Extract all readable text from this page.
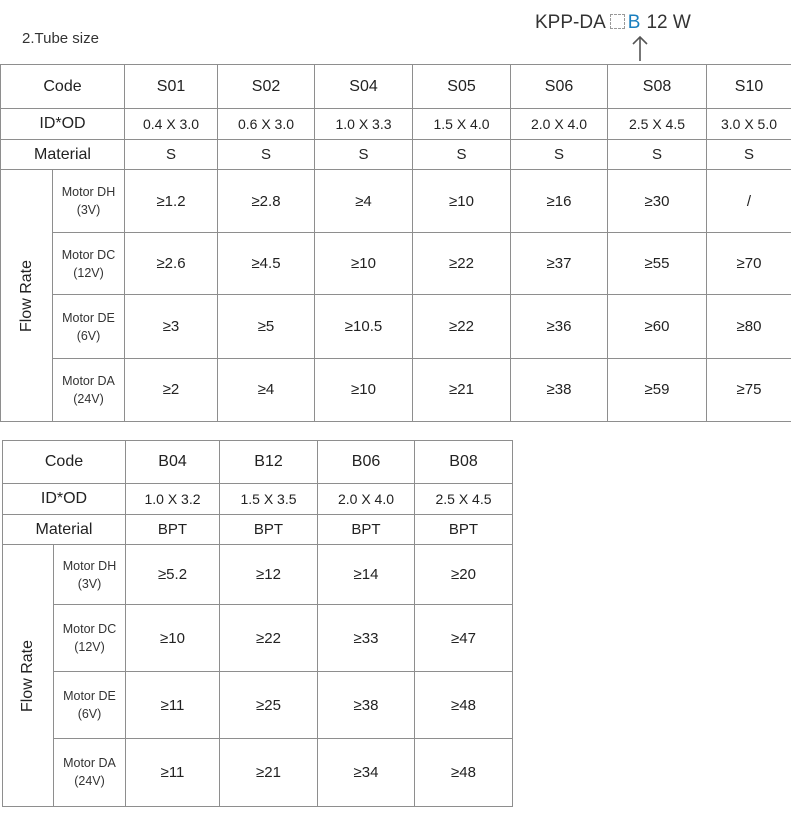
2.Tube size
KPP-DA B 12 W
Code		S01	S02	S04	S05	S06	S08	S10
ID*OD		0.4 X 3.0	0.6 X 3.0	1.0 X 3.3	1.5 X 4.0	2.0 X 4.0	2.5 X 4.5	3.0 X 5.0
Material		S	S	S	S	S	S	S

Flow Rate	Motor DH
(3V)	≥1.2	≥2.8	≥4	≥10	≥16	≥30	/

	Motor DC
(12V)	≥2.6	≥4.5	≥10	≥22	≥37	≥55	≥70

	Motor DE
(6V)	≥3	≥5	≥10.5	≥22	≥36	≥60	≥80

	Motor DA
(24V)	≥2	≥4	≥10	≥21	≥38	≥59	≥75
Code		B04	B12	B06	B08
ID*OD		1.0 X 3.2	1.5 X 3.5	2.0 X 4.0	2.5 X 4.5
Material		BPT	BPT	BPT	BPT

Flow Rate	Motor DH
(3V)	≥5.2	≥12	≥14	≥20

	Motor DC
(12V)	≥10	≥22	≥33	≥47

	Motor DE
(6V)	≥11	≥25	≥38	≥48

	Motor DA
(24V)	≥11	≥21	≥34	≥48
